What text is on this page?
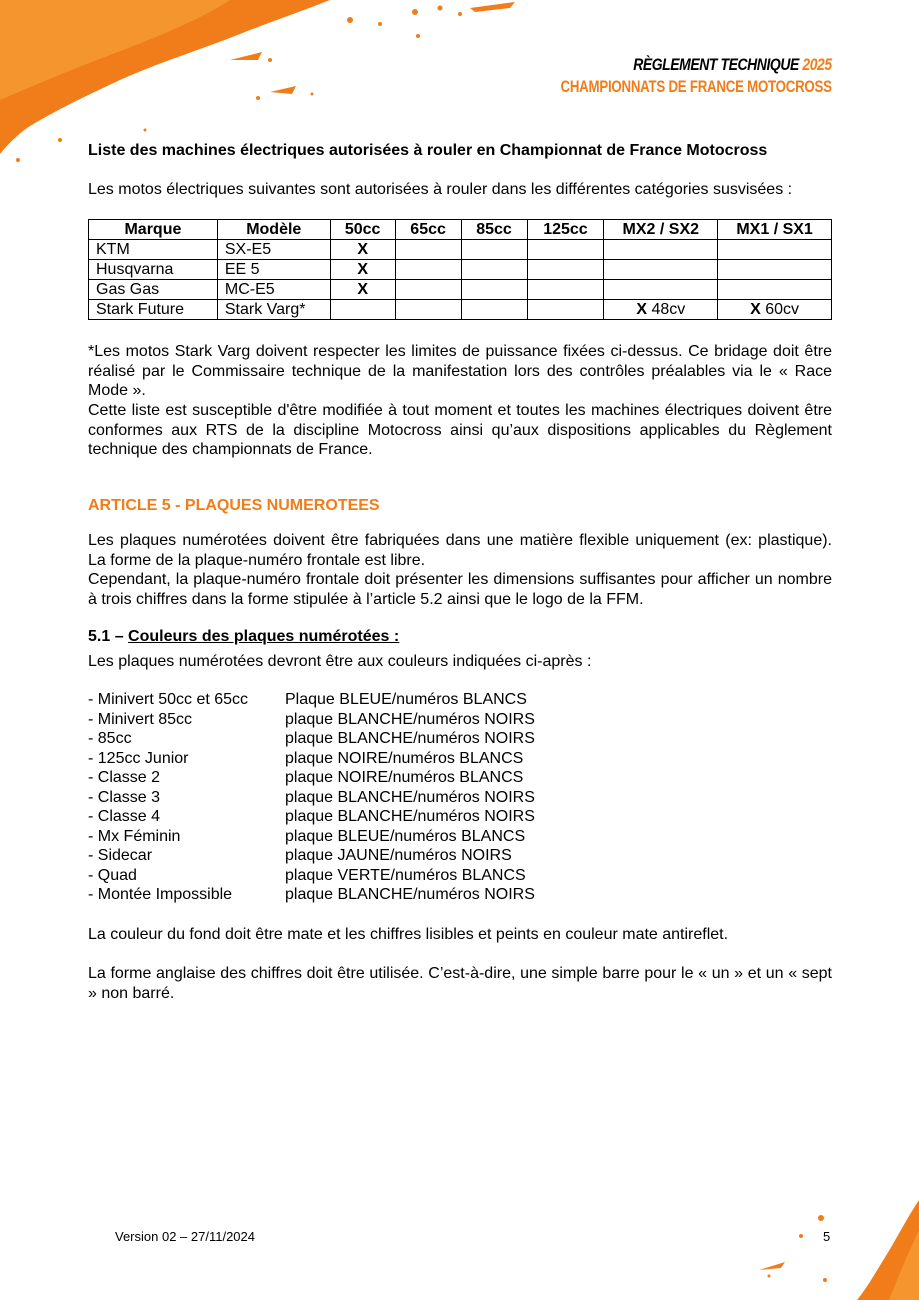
RÈGLEMENT TECHNIQUE 2025
CHAMPIONNATS DE FRANCE MOTOCROSS
Liste des machines électriques autorisées à rouler en Championnat de France Motocross
Les motos électriques suivantes sont autorisées à rouler dans les différentes catégories susvisées :
Marque	Modèle	50cc	65cc	85cc	125cc	MX2 / SX2	MX1 / SX1
KTM	SX-E5	X					
Husqvarna	EE 5	X					
Gas Gas	MC-E5	X					
Stark Future	Stark Varg*					X 48cv	X 60cv
*Les motos Stark Varg doivent respecter les limites de puissance fixées ci-dessus. Ce bridage doit être réalisé par le Commissaire technique de la manifestation lors des contrôles préalables via le « Race Mode ».
Cette liste est susceptible d'être modifiée à tout moment et toutes les machines électriques doivent être conformes aux RTS de la discipline Motocross ainsi qu’aux dispositions applicables du Règlement technique des championnats de France.
ARTICLE 5 - PLAQUES NUMEROTEES
Les plaques numérotées doivent être fabriquées dans une matière flexible uniquement (ex: plastique). La forme de la plaque-numéro frontale est libre.
Cependant, la plaque-numéro frontale doit présenter les dimensions suffisantes pour afficher un nombre à trois chiffres dans la forme stipulée à l’article 5.2 ainsi que le logo de la FFM.
5.1 – Couleurs des plaques numérotées :
Les plaques numérotées devront être aux couleurs indiquées ci-après :
- Minivert 50cc et 65cc	Plaque BLEUE/numéros BLANCS
- Minivert 85cc	plaque BLANCHE/numéros NOIRS
- 85cc	plaque BLANCHE/numéros NOIRS
- 125cc Junior	plaque NOIRE/numéros BLANCS
- Classe 2	plaque NOIRE/numéros BLANCS
- Classe 3	plaque BLANCHE/numéros NOIRS
- Classe 4	plaque BLANCHE/numéros NOIRS
- Mx Féminin	plaque BLEUE/numéros BLANCS
- Sidecar	plaque JAUNE/numéros NOIRS
- Quad	plaque VERTE/numéros BLANCS
- Montée Impossible	plaque BLANCHE/numéros NOIRS
La couleur du fond doit être mate et les chiffres lisibles et peints en couleur mate antireflet.
La forme anglaise des chiffres doit être utilisée. C’est-à-dire, une simple barre pour le « un » et un « sept » non barré.
Version 02 – 27/11/2024	5
